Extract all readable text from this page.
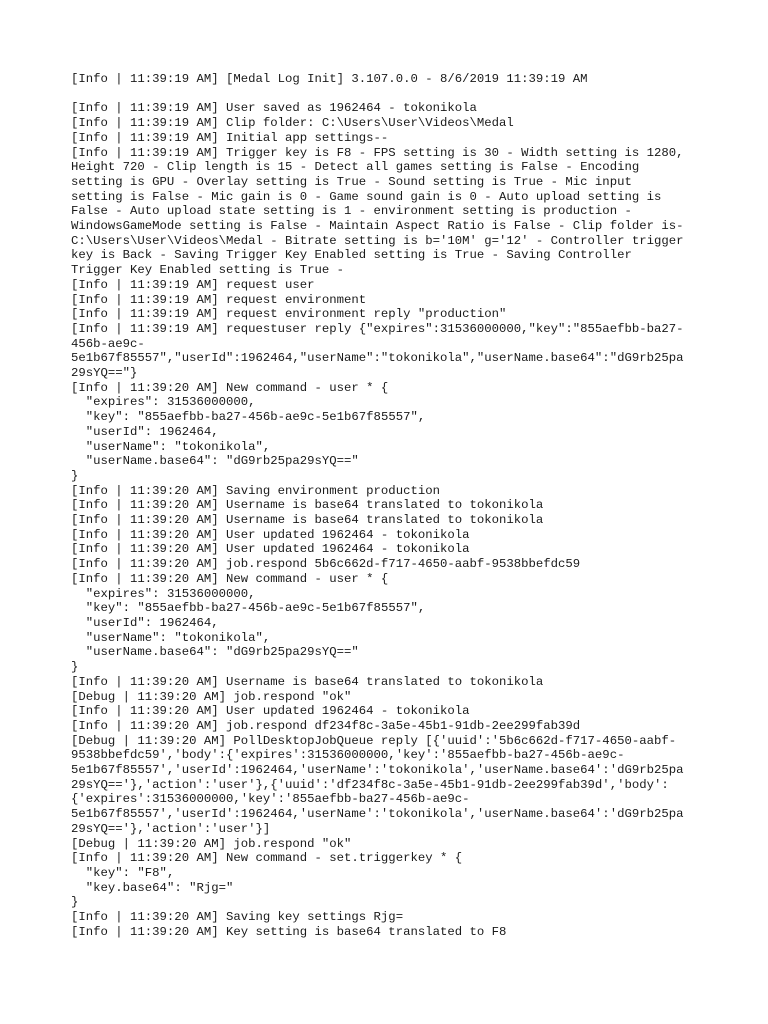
[Info | 11:39:19 AM] [Medal Log Init] 3.107.0.0 - 8/6/2019 11:39:19 AM
[Info | 11:39:19 AM] User saved as 1962464 - tokonikola
[Info | 11:39:19 AM] Clip folder: C:\Users\User\Videos\Medal
[Info | 11:39:19 AM] Initial app settings--
[Info | 11:39:19 AM] Trigger key is F8 - FPS setting is 30 - Width setting is 1280,
Height 720 - Clip length is 15 - Detect all games setting is False - Encoding
setting is GPU - Overlay setting is True - Sound setting is True - Mic input
setting is False - Mic gain is 0 - Game sound gain is 0 - Auto upload setting is
False - Auto upload state setting is 1 - environment setting is production -
WindowsGameMode setting is False - Maintain Aspect Ratio is False - Clip folder is-
C:\Users\User\Videos\Medal - Bitrate setting is b='10M' g='12' - Controller trigger
key is Back - Saving Trigger Key Enabled setting is True - Saving Controller
Trigger Key Enabled setting is True -
[Info | 11:39:19 AM] request user
[Info | 11:39:19 AM] request environment
[Info | 11:39:19 AM] request environment reply "production"
[Info | 11:39:19 AM] requestuser reply {"expires":31536000000,"key":"855aefbb-ba27-
456b-ae9c-
5e1b67f85557","userId":1962464,"userName":"tokonikola","userName.base64":"dG9rb25pa
29sYQ=="}
[Info | 11:39:20 AM] New command - user * {
"expires": 31536000000,
"key": "855aefbb-ba27-456b-ae9c-5e1b67f85557",
"userId": 1962464,
"userName": "tokonikola",
"userName.base64": "dG9rb25pa29sYQ=="
}
[Info | 11:39:20 AM] Saving environment production
[Info | 11:39:20 AM] Username is base64 translated to tokonikola
[Info | 11:39:20 AM] Username is base64 translated to tokonikola
[Info | 11:39:20 AM] User updated 1962464 - tokonikola
[Info | 11:39:20 AM] User updated 1962464 - tokonikola
[Info | 11:39:20 AM] job.respond 5b6c662d-f717-4650-aabf-9538bbefdc59
[Info | 11:39:20 AM] New command - user * {
"expires": 31536000000,
"key": "855aefbb-ba27-456b-ae9c-5e1b67f85557",
"userId": 1962464,
"userName": "tokonikola",
"userName.base64": "dG9rb25pa29sYQ=="
}
[Info | 11:39:20 AM] Username is base64 translated to tokonikola
[Debug | 11:39:20 AM] job.respond "ok"
[Info | 11:39:20 AM] User updated 1962464 - tokonikola
[Info | 11:39:20 AM] job.respond df234f8c-3a5e-45b1-91db-2ee299fab39d
[Debug | 11:39:20 AM] PollDesktopJobQueue reply [{'uuid':'5b6c662d-f717-4650-aabf-
9538bbefdc59','body':{'expires':31536000000,'key':'855aefbb-ba27-456b-ae9c-
5e1b67f85557','userId':1962464,'userName':'tokonikola','userName.base64':'dG9rb25pa
29sYQ=='},'action':'user'},{'uuid':'df234f8c-3a5e-45b1-91db-2ee299fab39d','body':
{'expires':31536000000,'key':'855aefbb-ba27-456b-ae9c-
5e1b67f85557','userId':1962464,'userName':'tokonikola','userName.base64':'dG9rb25pa
29sYQ=='},'action':'user'}]
[Debug | 11:39:20 AM] job.respond "ok"
[Info | 11:39:20 AM] New command - set.triggerkey * {
"key": "F8",
"key.base64": "Rjg="
}
[Info | 11:39:20 AM] Saving key settings Rjg=
[Info | 11:39:20 AM] Key setting is base64 translated to F8
